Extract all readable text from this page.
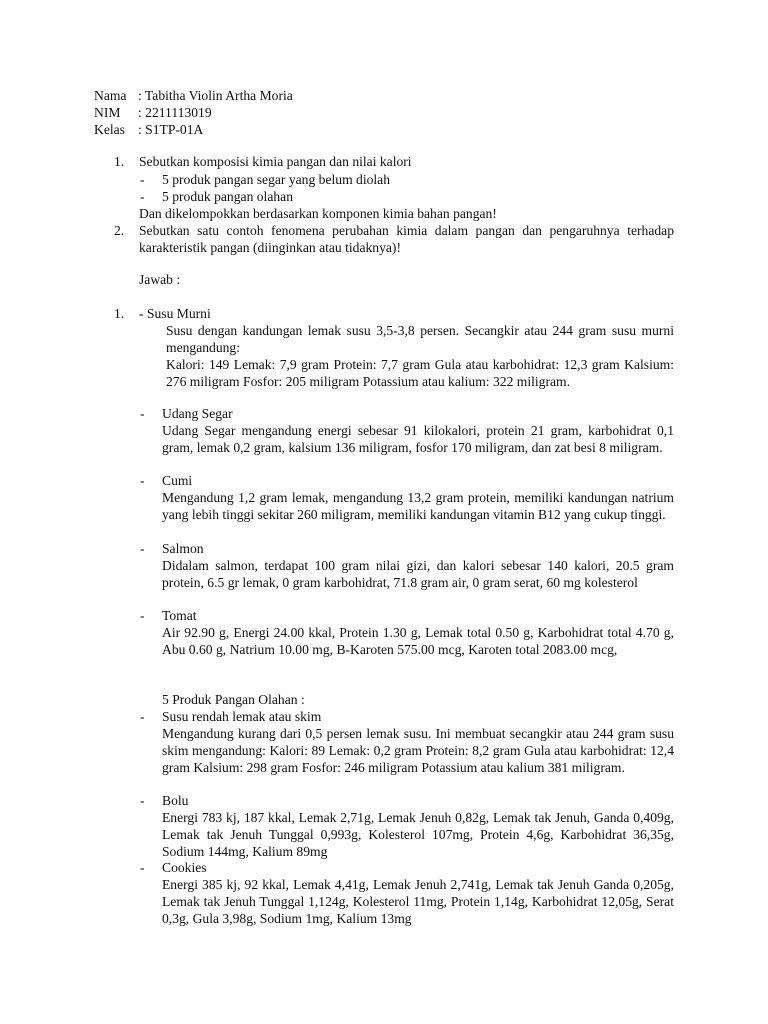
Nama : Tabitha Violin Artha Moria
NIM : 2211113019
Kelas : S1TP-01A
1. Sebutkan komposisi kimia pangan dan nilai kalori
- 5 produk pangan segar yang belum diolah
- 5 produk pangan olahan
Dan dikelompokkan berdasarkan komponen kimia bahan pangan!
2. Sebutkan satu contoh fenomena perubahan kimia dalam pangan dan pengaruhnya terhadap karakteristik pangan (diinginkan atau tidaknya)!
Jawab :
1. - Susu Murni
Susu dengan kandungan lemak susu 3,5-3,8 persen. Secangkir atau 244 gram susu murni mengandung:
Kalori: 149 Lemak: 7,9 gram Protein: 7,7 gram Gula atau karbohidrat: 12,3 gram Kalsium: 276 miligram Fosfor: 205 miligram Potassium atau kalium: 322 miligram.
- Udang Segar
Udang Segar mengandung energi sebesar 91 kilokalori, protein 21 gram, karbohidrat 0,1 gram, lemak 0,2 gram, kalsium 136 miligram, fosfor 170 miligram, dan zat besi 8 miligram.
- Cumi
Mengandung 1,2 gram lemak, mengandung 13,2 gram protein, memiliki kandungan natrium yang lebih tinggi sekitar 260 miligram, memiliki kandungan vitamin B12 yang cukup tinggi.
- Salmon
Didalam salmon, terdapat 100 gram nilai gizi, dan kalori sebesar 140 kalori, 20.5 gram protein, 6.5 gr lemak, 0 gram karbohidrat, 71.8 gram air, 0 gram serat, 60 mg kolesterol
- Tomat
Air 92.90 g, Energi 24.00 kkal, Protein 1.30 g, Lemak total 0.50 g, Karbohidrat total 4.70 g, Abu 0.60 g, Natrium 10.00 mg, B-Karoten 575.00 mcg, Karoten total 2083.00 mcg,
5 Produk Pangan Olahan :
- Susu rendah lemak atau skim
Mengandung kurang dari 0,5 persen lemak susu. Ini membuat secangkir atau 244 gram susu skim mengandung: Kalori: 89 Lemak: 0,2 gram Protein: 8,2 gram Gula atau karbohidrat: 12,4 gram Kalsium: 298 gram Fosfor: 246 miligram Potassium atau kalium 381 miligram.
- Bolu
Energi 783 kj, 187 kkal, Lemak 2,71g, Lemak Jenuh 0,82g, Lemak tak Jenuh, Ganda 0,409g, Lemak tak Jenuh Tunggal 0,993g, Kolesterol 107mg, Protein 4,6g, Karbohidrat 36,35g, Sodium 144mg, Kalium 89mg
- Cookies
Energi 385 kj, 92 kkal, Lemak 4,41g, Lemak Jenuh 2,741g, Lemak tak Jenuh Ganda 0,205g, Lemak tak Jenuh Tunggal 1,124g, Kolesterol 11mg, Protein 1,14g, Karbohidrat 12,05g, Serat 0,3g, Gula 3,98g, Sodium 1mg, Kalium 13mg
